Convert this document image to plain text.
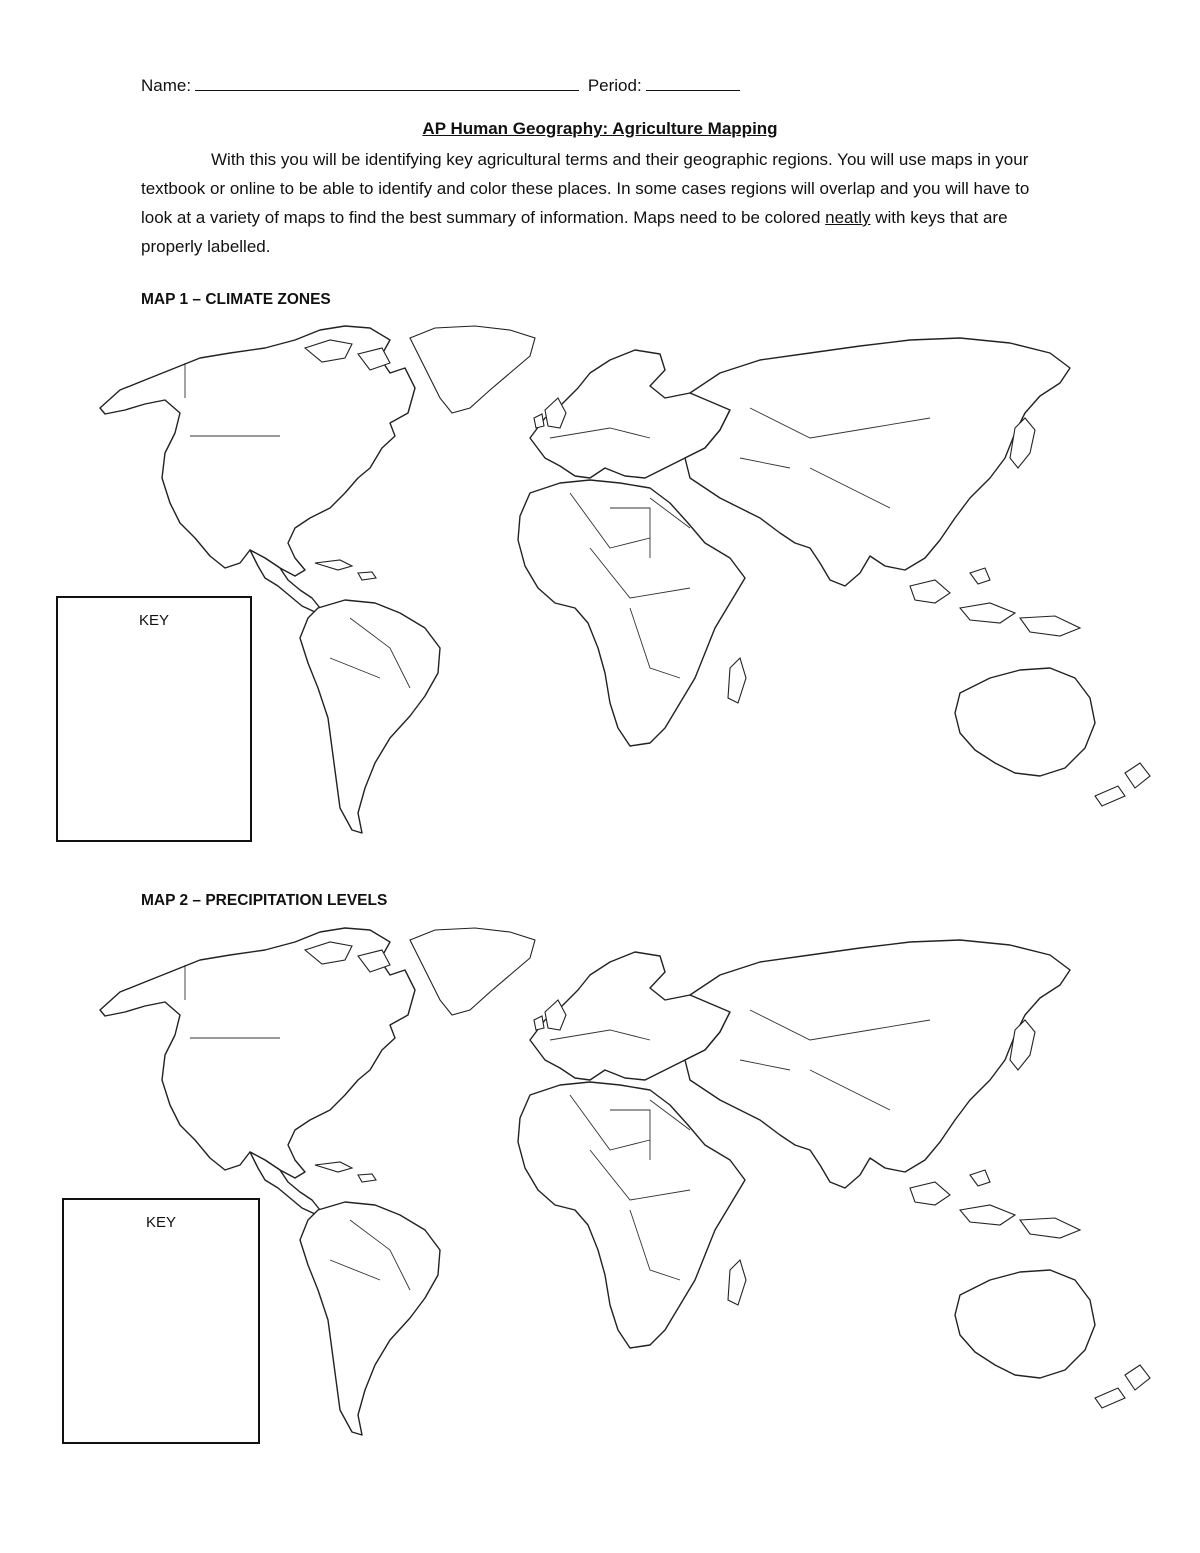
Name:	Period:
AP Human Geography: Agriculture Mapping

With this you will be identifying key agricultural terms and their geographic regions. You will use maps in your textbook or online to be able to identify and color these places. In some cases regions will overlap and you will have to look at a variety of maps to find the best summary of information. Maps need to be colored neatly with keys that are properly labelled.

MAP 1 – CLIMATE ZONES
KEY
MAP 2 – PRECIPITATION LEVELS
KEY
